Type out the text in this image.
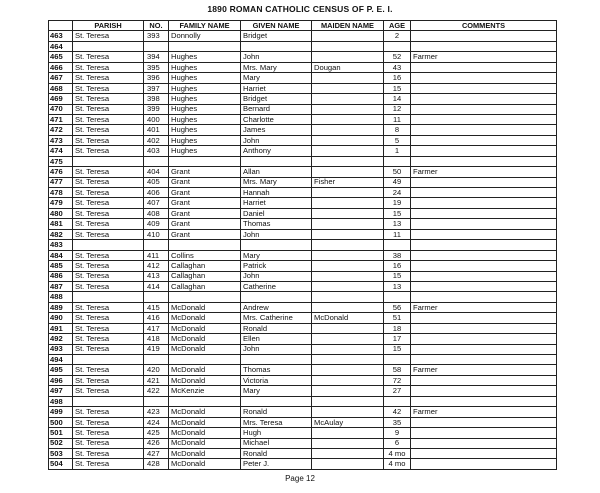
1890 ROMAN CATHOLIC CENSUS OF P. E. I.
	PARISH	NO.	FAMILY NAME	GIVEN NAME	MAIDEN NAME	AGE	COMMENTS
463	St. Teresa	393	Donnolly	Bridget		2	
464							
465	St. Teresa	394	Hughes	John		52	Farmer
466	St. Teresa	395	Hughes	Mrs. Mary	Dougan	43	
467	St. Teresa	396	Hughes	Mary		16	
468	St. Teresa	397	Hughes	Harriet		15	
469	St. Teresa	398	Hughes	Bridget		14	
470	St. Teresa	399	Hughes	Bernard		12	
471	St. Teresa	400	Hughes	Charlotte		11	
472	St. Teresa	401	Hughes	James		8	
473	St. Teresa	402	Hughes	John		5	
474	St. Teresa	403	Hughes	Anthony		1	
475							
476	St. Teresa	404	Grant	Allan		50	Farmer
477	St. Teresa	405	Grant	Mrs. Mary	Fisher	49	
478	St. Teresa	406	Grant	Hannah		24	
479	St. Teresa	407	Grant	Harriet		19	
480	St. Teresa	408	Grant	Daniel		15	
481	St. Teresa	409	Grant	Thomas		13	
482	St. Teresa	410	Grant	John		11	
483							
484	St. Teresa	411	Collins	Mary		38	
485	St. Teresa	412	Callaghan	Patrick		16	
486	St. Teresa	413	Callaghan	John		15	
487	St. Teresa	414	Callaghan	Catherine		13	
488							
489	St. Teresa	415	McDonald	Andrew		56	Farmer
490	St. Teresa	416	McDonald	Mrs. Catherine	McDonald	51	
491	St. Teresa	417	McDonald	Ronald		18	
492	St. Teresa	418	McDonald	Ellen		17	
493	St. Teresa	419	McDonald	John		15	
494							
495	St. Teresa	420	McDonald	Thomas		58	Farmer
496	St. Teresa	421	McDonald	Victoria		72	
497	St. Teresa	422	McKenzie	Mary		27	
498							
499	St. Teresa	423	McDonald	Ronald		42	Farmer
500	St. Teresa	424	McDonald	Mrs. Teresa	McAulay	35	
501	St. Teresa	425	McDonald	Hugh		9	
502	St. Teresa	426	McDonald	Michael		6	
503	St. Teresa	427	McDonald	Ronald		4 mo	
504	St. Teresa	428	McDonald	Peter J.		4 mo	
Page 12
